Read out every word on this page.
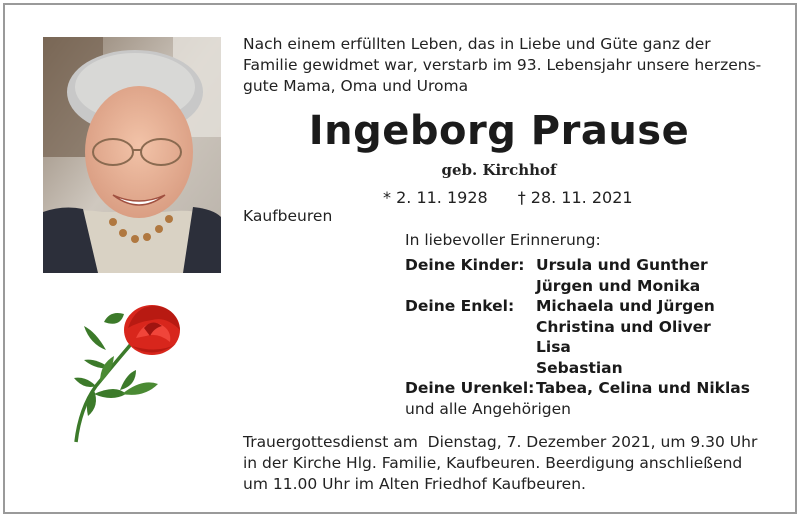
Nach einem erfüllten Leben, das in Liebe und Güte ganz der
Familie gewidmet war, verstarb im 93. Lebensjahr unsere herzens-
gute Mama, Oma und Uroma
Ingeborg Prause
geb. Kirchhof
* 2. 11. 1928 † 28. 11. 2021
Kaufbeuren
In liebevoller Erinnerung:
Deine Kinder: Ursula und Gunther
Jürgen und Monika
Deine Enkel:	Michaela und Jürgen
Christina und Oliver
Lisa
Sebastian
Deine Urenkel: Tabea, Celina und Niklas
und alle Angehörigen
Trauergottesdienst am  Dienstag, 7. Dezember 2021, um 9.30 Uhr
in der Kirche Hlg. Familie, Kaufbeuren. Beerdigung anschließend
um 11.00 Uhr im Alten Friedhof Kaufbeuren.
